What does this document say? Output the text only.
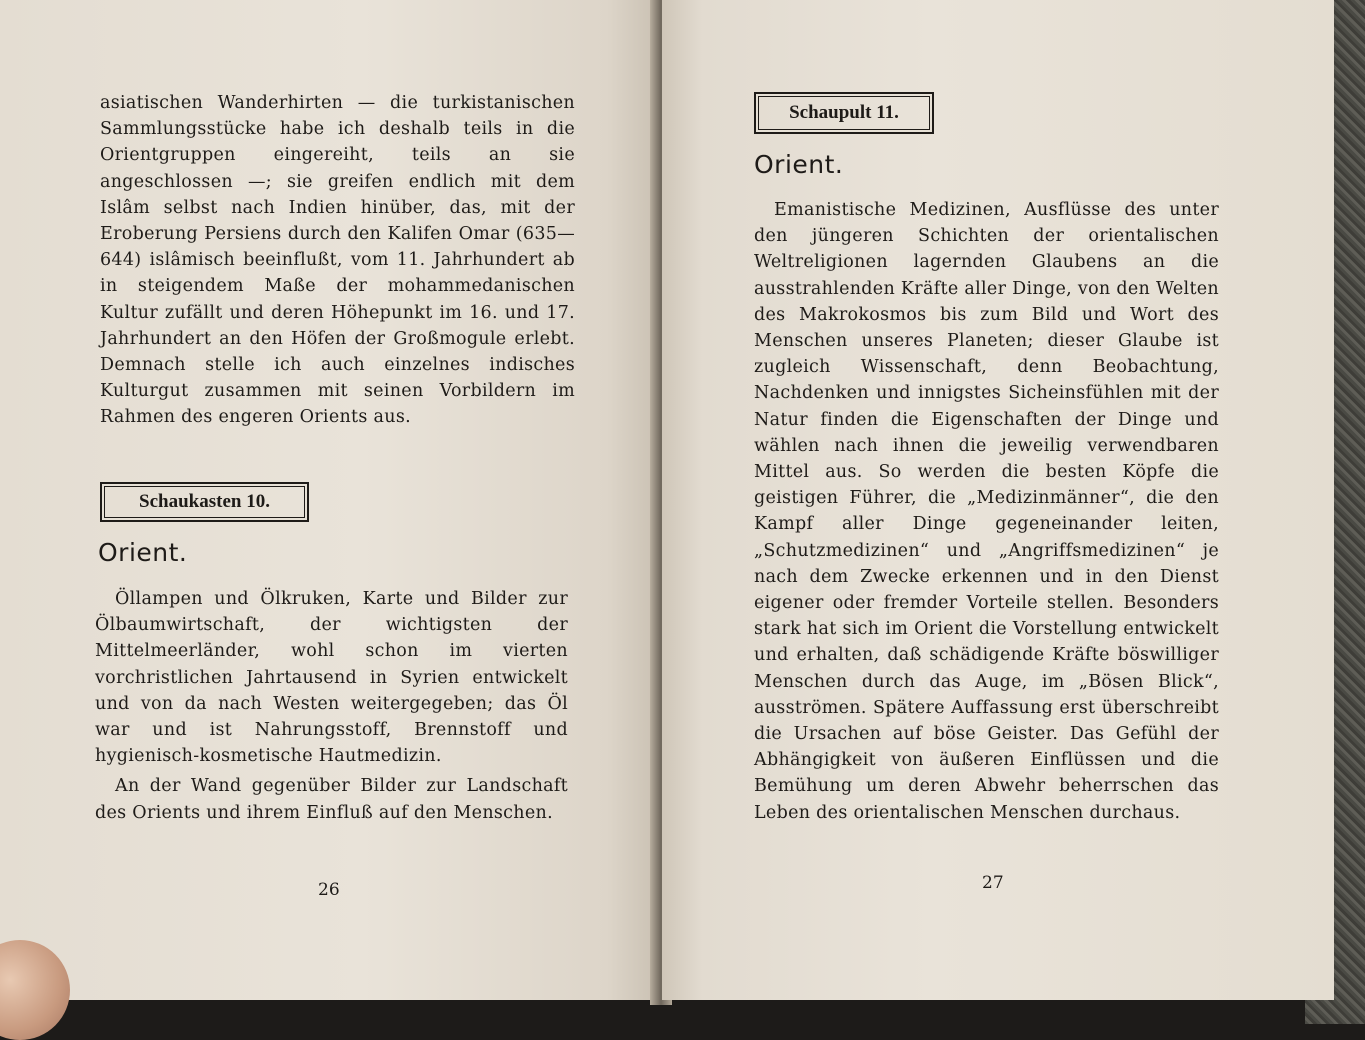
asiatischen Wanderhirten — die turkistanischen Sammlungsstücke habe ich deshalb teils in die Orientgruppen eingereiht, teils an sie angeschlossen —; sie greifen endlich mit dem Islâm selbst nach Indien hinüber, das, mit der Eroberung Persiens durch den Kalifen Omar (635—644) islâmisch beeinflußt, vom 11. Jahrhundert ab in steigendem Maße der mohammedanischen Kultur zufällt und deren Höhepunkt im 16. und 17. Jahrhundert an den Höfen der Großmogule erlebt. Demnach stelle ich auch einzelnes indisches Kulturgut zusammen mit seinen Vorbildern im Rahmen des engeren Orients aus.

Schaukasten 10.
Orient.

Öllampen und Ölkruken, Karte und Bilder zur Ölbaumwirtschaft, der wichtigsten der Mittelmeerländer, wohl schon im vierten vorchristlichen Jahrtausend in Syrien entwickelt und von da nach Westen weitergegeben; das Öl war und ist Nahrungsstoff, Brennstoff und hygienisch-kosmetische Hautmedizin.

An der Wand gegenüber Bilder zur Landschaft des Orients und ihrem Einfluß auf den Menschen.

26
Schaupult 11.
Orient.

Emanistische Medizinen, Ausflüsse des unter den jüngeren Schichten der orientalischen Weltreligionen lagernden Glaubens an die ausstrahlenden Kräfte aller Dinge, von den Welten des Makrokosmos bis zum Bild und Wort des Menschen unseres Planeten; dieser Glaube ist zugleich Wissenschaft, denn Beobachtung, Nachdenken und innigstes Sicheinsfühlen mit der Natur finden die Eigenschaften der Dinge und wählen nach ihnen die jeweilig verwendbaren Mittel aus. So werden die besten Köpfe die geistigen Führer, die „Medizinmänner“, die den Kampf aller Dinge gegeneinander leiten, „Schutzmedizinen“ und „Angriffsmedizinen“ je nach dem Zwecke erkennen und in den Dienst eigener oder fremder Vorteile stellen. Besonders stark hat sich im Orient die Vorstellung entwickelt und erhalten, daß schädigende Kräfte böswilliger Menschen durch das Auge, im „Bösen Blick“, ausströmen. Spätere Auffassung erst überschreibt die Ursachen auf böse Geister. Das Gefühl der Abhängigkeit von äußeren Einflüssen und die Bemühung um deren Abwehr beherrschen das Leben des orientalischen Menschen durchaus.

27
